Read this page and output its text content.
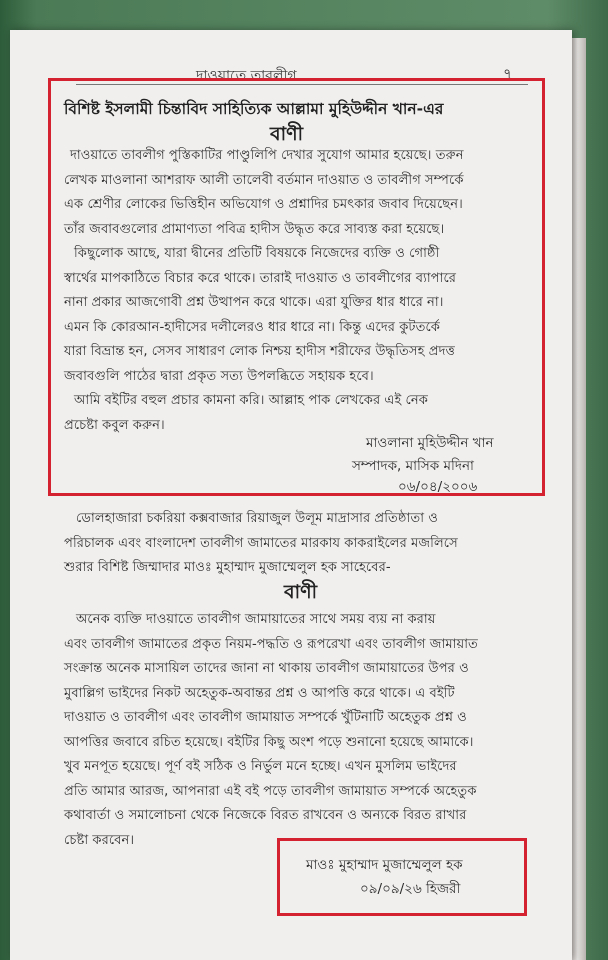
দাওয়াতে তাবলীগ	৭
বিশিষ্ট ইসলামী চিন্তাবিদ সাহিত্যিক আল্লামা মুহিউদ্দীন খান-এর
বাণী
দাওয়াতে তাবলীগ পুস্তিকাটির পাণ্ডুলিপি দেখার সুযোগ আমার হয়েছে। তরুন
লেখক মাওলানা আশরাফ আলী তালেবী বর্তমান দাওয়াত ও তাবলীগ সম্পর্কে
এক শ্রেণীর লোকের ভিত্তিহীন অভিযোগ ও প্রশ্নাদির চমৎকার জবাব দিয়েছেন।
তাঁর জবাবগুলোর প্রামাণ্যতা পবিত্র হাদীস উদ্ধৃত করে সাব্যস্ত করা হয়েছে।
কিছুলোক আছে, যারা দ্বীনের প্রতিটি বিষয়কে নিজেদের ব্যক্তি ও গোষ্ঠী
স্বার্থের মাপকাঠিতে বিচার করে থাকে। তারাই দাওয়াত ও তাবলীগের ব্যাপারে
নানা প্রকার আজগোবী প্রশ্ন উত্থাপন করে থাকে। এরা যুক্তির ধার ধারে না।
এমন কি কোরআন-হাদীসের দলীলেরও ধার ধারে না। কিন্তু এদের কুটতর্কে
যারা বিভ্রান্ত হন, সেসব সাধারণ লোক নিশ্চয় হাদীস শরীফের উদ্ধৃতিসহ প্রদত্ত
জবাবগুলি পাঠের দ্বারা প্রকৃত সত্য উপলব্ধিতে সহায়ক হবে।
আমি বইটির বহুল প্রচার কামনা করি। আল্লাহ পাক লেখকের এই নেক
প্রচেষ্টা কবুল করুন।
মাওলানা মুহিউদ্দীন খান
সম্পাদক, মাসিক মদিনা
০৬/০৪/২০০৬
ডোলহাজারা চকরিয়া কক্সবাজার রিয়াজুল উলূম মাদ্রাসার প্রতিষ্ঠাতা ও
পরিচালক এবং বাংলাদেশ তাবলীগ জামাতের মারকায কাকরাইলের মজলিসে
শুরার বিশিষ্ট জিম্মাদার মাওঃ মুহাম্মাদ মুজাম্মেলুল হক সাহেবের-
বাণী
অনেক ব্যক্তি দাওয়াতে তাবলীগ জামায়াতের সাথে সময় ব্যয় না করায়
এবং তাবলীগ জামাতের প্রকৃত নিয়ম-পদ্ধতি ও রূপরেখা এবং তাবলীগ জামায়াত
সংক্রান্ত অনেক মাসায়িল তাদের জানা না থাকায় তাবলীগ জামায়াতের উপর ও
মুবাল্লিগ ভাইদের নিকট অহেতুক-অবান্তর প্রশ্ন ও আপত্তি করে থাকে। এ বইটি
দাওয়াত ও তাবলীগ এবং তাবলীগ জামায়াত সম্পর্কে খুঁটিনাটি অহেতুক প্রশ্ন ও
আপত্তির জবাবে রচিত হয়েছে। বইটির কিছু অংশ পড়ে শুনানো হয়েছে আমাকে।
খুব মনপূত হয়েছে। পূর্ণ বই সঠিক ও নির্ভুল মনে হচ্ছে। এখন মুসলিম ভাইদের
প্রতি আমার আরজ, আপনারা এই বই পড়ে তাবলীগ জামায়াত সম্পর্কে অহেতুক
কথাবার্তা ও সমালোচনা থেকে নিজেকে বিরত রাখবেন ও অন্যকে বিরত রাখার
চেষ্টা করবেন।
মাওঃ মুহাম্মাদ মুজাম্মেলুল হক
০৯/০৯/২৬ হিজরী
